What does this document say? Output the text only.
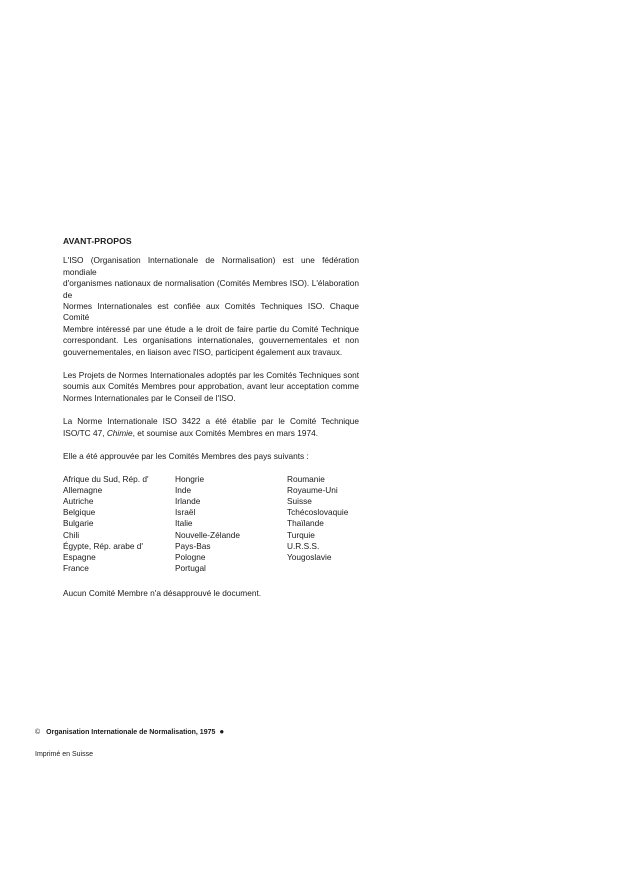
AVANT-PROPOS
L'ISO (Organisation Internationale de Normalisation) est une fédération mondiale
d'organismes nationaux de normalisation (Comités Membres ISO). L'élaboration de
Normes Internationales est confiée aux Comités Techniques ISO. Chaque Comité
Membre intéressé par une étude a le droit de faire partie du Comité Technique
correspondant. Les organisations internationales, gouvernementales et non
gouvernementales, en liaison avec l'ISO, participent également aux travaux.
Les Projets de Normes Internationales adoptés par les Comités Techniques sont
soumis aux Comités Membres pour approbation, avant leur acceptation comme
Normes Internationales par le Conseil de l'ISO.
La Norme Internationale ISO 3422 a été établie par le Comité Technique
ISO/TC 47, Chimie, et soumise aux Comités Membres en mars 1974.
Elle a été approuvée par les Comités Membres des pays suivants :
Afrique du Sud, Rép. d'
Allemagne
Autriche
Belgique
Bulgarie
Chili
Égypte, Rép. arabe d'
Espagne
France
Hongrie
Inde
Irlande
Israël
Italie
Nouvelle-Zélande
Pays-Bas
Pologne
Portugal
Roumanie
Royaume-Uni
Suisse
Tchécoslovaquie
Thaïlande
Turquie
U.R.S.S.
Yougoslavie
Aucun Comité Membre n'a désapprouvé le document.
© Organisation Internationale de Normalisation, 1975 ●
Imprimé en Suisse
